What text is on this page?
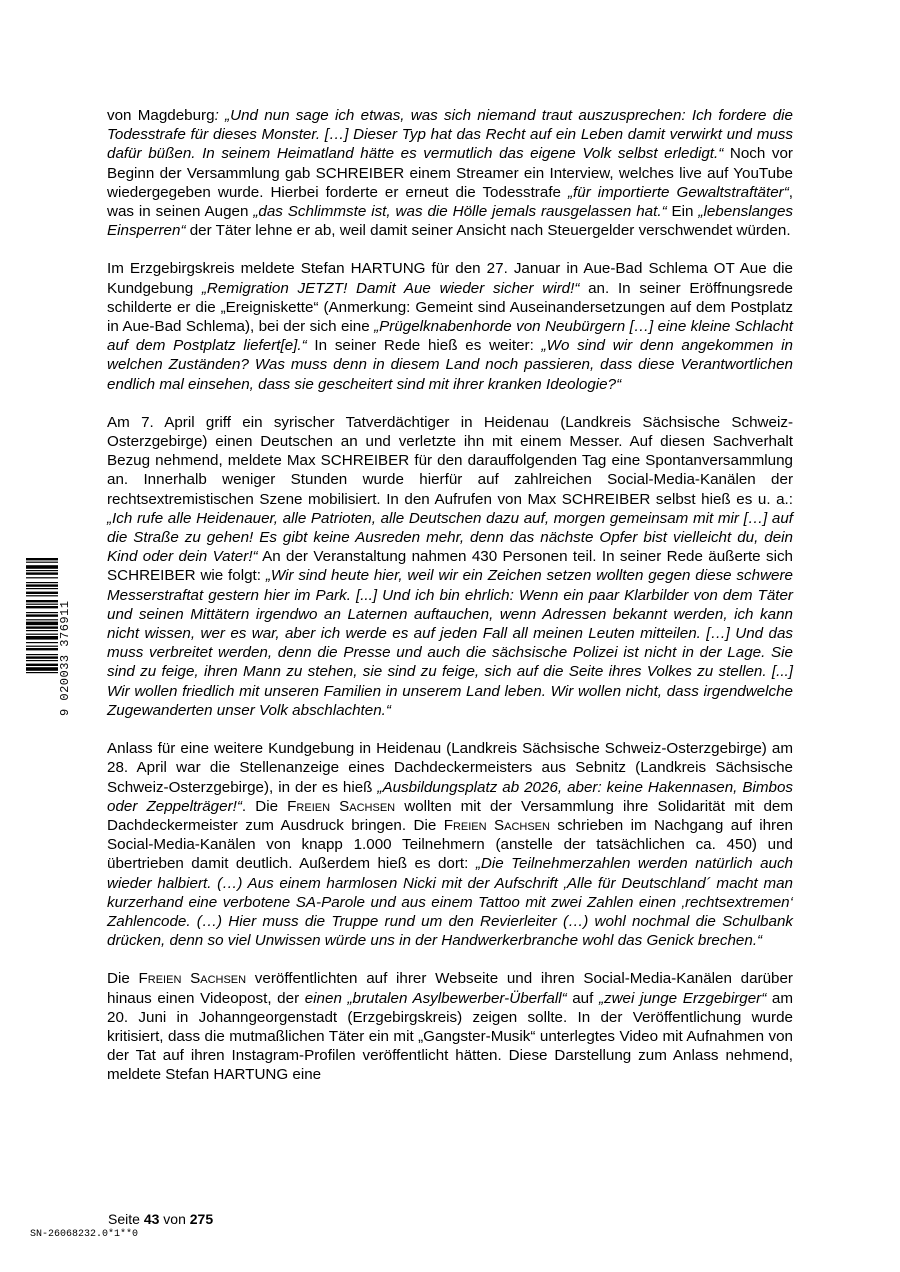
9 020033 376911

von Magdeburg: „Und nun sage ich etwas, was sich niemand traut auszusprechen: Ich fordere die Todesstrafe für dieses Monster. […] Dieser Typ hat das Recht auf ein Leben damit verwirkt und muss dafür büßen. In seinem Heimatland hätte es vermutlich das eigene Volk selbst erledigt.“ Noch vor Beginn der Versammlung gab SCHREIBER einem Streamer ein Interview, welches live auf YouTube wiedergegeben wurde. Hierbei forderte er erneut die Todesstrafe „für importierte Gewaltstraftäter“, was in seinen Augen „das Schlimmste ist, was die Hölle jemals rausgelassen hat.“ Ein „lebenslanges Einsperren“ der Täter lehne er ab, weil damit seiner Ansicht nach Steuergelder verschwendet würden.

Im Erzgebirgskreis meldete Stefan HARTUNG für den 27. Januar in Aue-Bad Schlema OT Aue die Kundgebung „Remigration JETZT! Damit Aue wieder sicher wird!“ an. In seiner Eröffnungsrede schilderte er die „Ereigniskette“ (Anmerkung: Gemeint sind Auseinandersetzungen auf dem Postplatz in Aue-Bad Schlema), bei der sich eine „Prügelknabenhorde von Neubürgern […] eine kleine Schlacht auf dem Postplatz liefert[e].“ In seiner Rede hieß es weiter: „Wo sind wir denn angekommen in welchen Zuständen? Was muss denn in diesem Land noch passieren, dass diese Verantwortlichen endlich mal einsehen, dass sie gescheitert sind mit ihrer kranken Ideologie?“

Am 7. April griff ein syrischer Tatverdächtiger in Heidenau (Landkreis Sächsische Schweiz-Osterzgebirge) einen Deutschen an und verletzte ihn mit einem Messer. Auf diesen Sachverhalt Bezug nehmend, meldete Max SCHREIBER für den darauffolgenden Tag eine Spontanversammlung an. Innerhalb weniger Stunden wurde hierfür auf zahlreichen Social-Media-Kanälen der rechtsextremistischen Szene mobilisiert. In den Aufrufen von Max SCHREIBER selbst hieß es u. a.: „Ich rufe alle Heidenauer, alle Patrioten, alle Deutschen dazu auf, morgen gemeinsam mit mir […] auf die Straße zu gehen! Es gibt keine Ausreden mehr, denn das nächste Opfer bist vielleicht du, dein Kind oder dein Vater!“ An der Veranstaltung nahmen 430 Personen teil. In seiner Rede äußerte sich SCHREIBER wie folgt: „Wir sind heute hier, weil wir ein Zeichen setzen wollten gegen diese schwere Messerstraftat gestern hier im Park. [...] Und ich bin ehrlich: Wenn ein paar Klarbilder von dem Täter und seinen Mittätern irgendwo an Laternen auftauchen, wenn Adressen bekannt werden, ich kann nicht wissen, wer es war, aber ich werde es auf jeden Fall all meinen Leuten mitteilen. […] Und das muss verbreitet werden, denn die Presse und auch die sächsische Polizei ist nicht in der Lage. Sie sind zu feige, ihren Mann zu stehen, sie sind zu feige, sich auf die Seite ihres Volkes zu stellen. [...] Wir wollen friedlich mit unseren Familien in unserem Land leben. Wir wollen nicht, dass irgendwelche Zugewanderten unser Volk abschlachten.“

Anlass für eine weitere Kundgebung in Heidenau (Landkreis Sächsische Schweiz-Osterzgebirge) am 28. April war die Stellenanzeige eines Dachdeckermeisters aus Sebnitz (Landkreis Sächsische Schweiz-Osterzgebirge), in der es hieß „Ausbildungsplatz ab 2026, aber: keine Hakennasen, Bimbos oder Zeppelträger!“. Die Freien Sachsen wollten mit der Versammlung ihre Solidarität mit dem Dachdeckermeister zum Ausdruck bringen. Die Freien Sachsen schrieben im Nachgang auf ihren Social-Media-Kanälen von knapp 1.000 Teilnehmern (anstelle der tatsächlichen ca. 450) und übertrieben damit deutlich. Außerdem hieß es dort: „Die Teilnehmerzahlen werden natürlich auch wieder halbiert. (…) Aus einem harmlosen Nicki mit der Aufschrift ‚Alle für Deutschland´ macht man kurzerhand eine verbotene SA-Parole und aus einem Tattoo mit zwei Zahlen einen ‚rechtsextremen‘ Zahlencode. (…) Hier muss die Truppe rund um den Revierleiter (…) wohl nochmal die Schulbank drücken, denn so viel Unwissen würde uns in der Handwerkerbranche wohl das Genick brechen.“

Die Freien Sachsen veröffentlichten auf ihrer Webseite und ihren Social-Media-Kanälen darüber hinaus einen Videopost, der einen „brutalen Asylbewerber-Überfall“ auf „zwei junge Erzgebirger“ am 20. Juni in Johanngeorgenstadt (Erzgebirgskreis) zeigen sollte. In der Veröffentlichung wurde kritisiert, dass die mutmaßlichen Täter ein mit „Gangster-Musik“ unterlegtes Video mit Aufnahmen von der Tat auf ihren Instagram-Profilen veröffentlicht hätten. Diese Darstellung zum Anlass nehmend, meldete Stefan HARTUNG eine

Seite 43 von 275
SN-26068232.0*1**0
